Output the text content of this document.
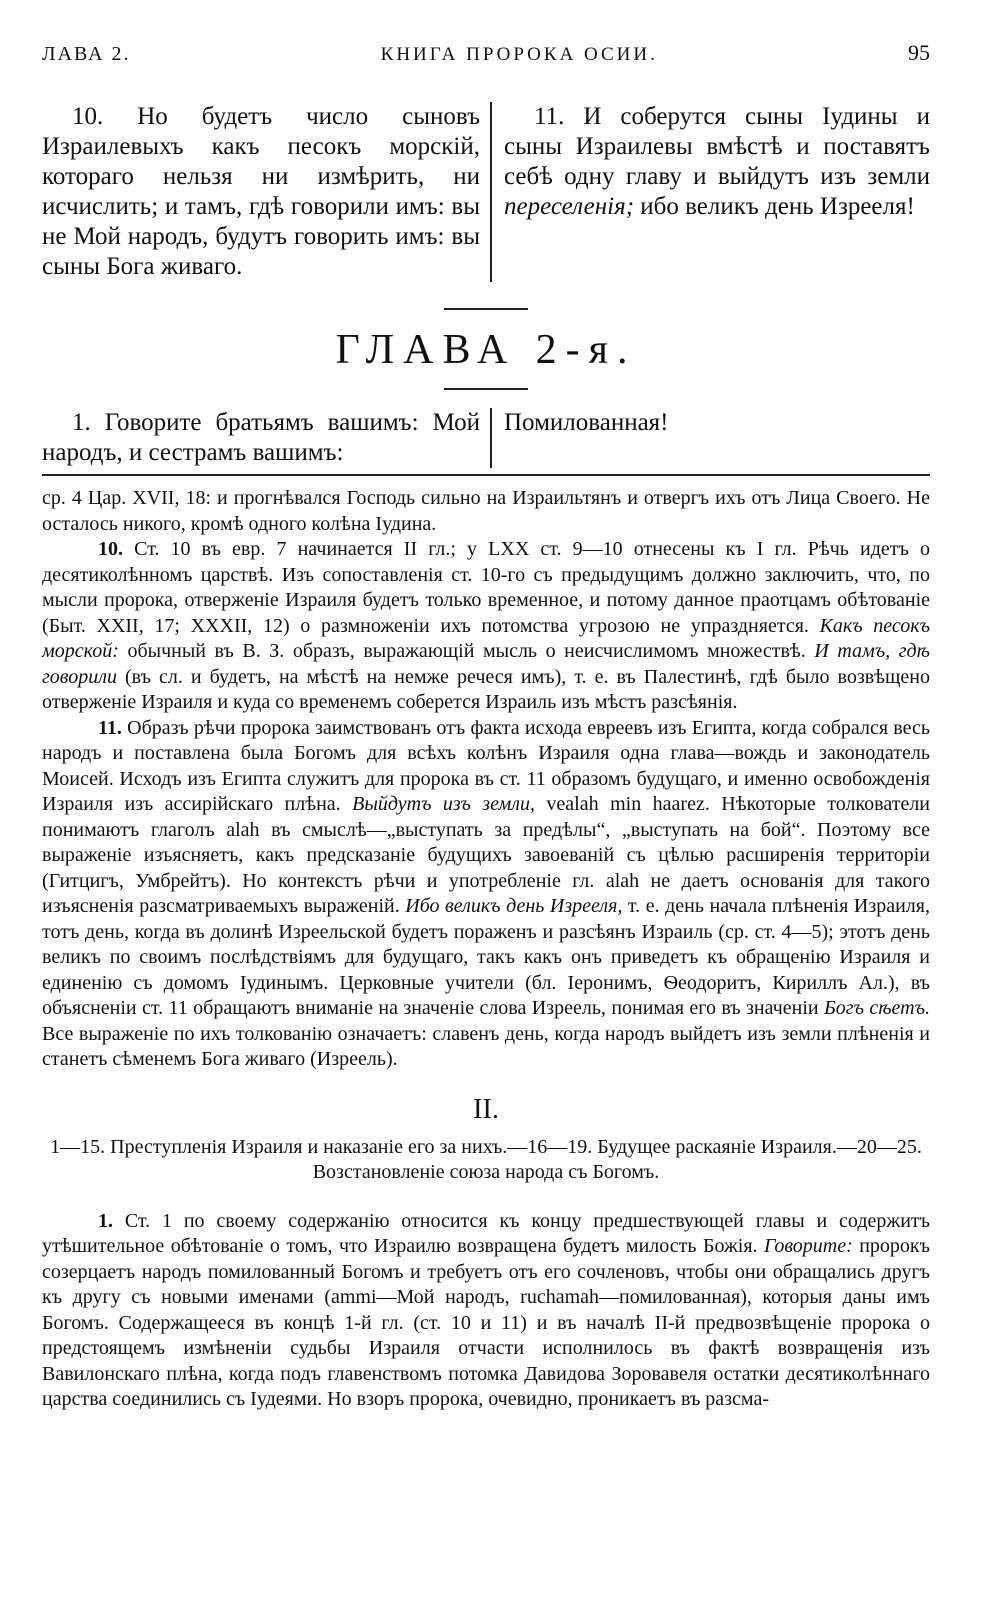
ЛАВА 2.	КНИГА ПРОРОКА ОСИИ.	95

10. Но будетъ число сыновъ Израилевыхъ какъ песокъ морскій, котораго нельзя ни измѣрить, ни исчислить; и тамъ, гдѣ говорили имъ: вы не Мой народъ, будутъ говорить имъ: вы сыны Бога живаго.

11. И соберутся сыны Іудины и сыны Израилевы вмѣстѣ и поставятъ себѣ одну главу и выйдутъ изъ земли переселенія; ибо великъ день Изрееля!

ГЛАВА 2-я.

1. Говорите братьямъ вашимъ: Мой народъ, и сестрамъ вашимъ:

Помилованная!

ср. 4 Цар. XVII, 18: и прогнѣвался Господь сильно на Израильтянъ и отвергъ ихъ отъ Лица Своего. Не осталось никого, кромѣ одного колѣна Іудина.

10. Ст. 10 въ евр. 7 начинается II гл.; у LXX ст. 9—10 отнесены къ I гл. Рѣчь идетъ о десятиколѣнномъ царствѣ. Изъ сопоставленія ст. 10-го съ предыдущимъ должно заключить, что, по мысли пророка, отверженіе Израиля будетъ только временное, и потому данное праотцамъ обѣтованіе (Быт. XXII, 17; XXXII, 12) о размноженіи ихъ потомства угрозою не упраздняется. Какъ песокъ морской: обычный въ В. З. образъ, выражающій мысль о неисчислимомъ множествѣ. И тамъ, гдѣ говорили (въ сл. и будетъ, на мѣстѣ на немже речеся имъ), т. е. въ Палестинѣ, гдѣ было возвѣщено отверженіе Израиля и куда со временемъ соберется Израиль изъ мѣстъ разсѣянія.

11. Образъ рѣчи пророка заимствованъ отъ факта исхода евреевъ изъ Египта, когда собрался весь народъ и поставлена была Богомъ для всѣхъ колѣнъ Израиля одна глава—вождь и законодатель Моисей. Исходъ изъ Египта служитъ для пророка въ ст. 11 образомъ будущаго, и именно освобожденія Израиля изъ ассирійскаго плѣна. Выйдутъ изъ земли, vealah min haarez. Нѣкоторые толкователи понимаютъ глаголъ alah въ смыслѣ—„выступать за предѣлы“, „выступать на бой“. Поэтому все выраженіе изъясняетъ, какъ предсказаніе будущихъ завоеваній съ цѣлью расширенія территоріи (Гитцигъ, Умбрейтъ). Но контекстъ рѣчи и употребленіе гл. alah не даетъ основанія для такого изъясненія разсматриваемыхъ выраженій. Ибо великъ день Изрееля, т. е. день начала плѣненія Израиля, тотъ день, когда въ долинѣ Изреельской будетъ пораженъ и разсѣянъ Израиль (ср. ст. 4—5); этотъ день великъ по своимъ послѣдствіямъ для будущаго, такъ какъ онъ приведетъ къ обращенію Израиля и единенію съ домомъ Іудинымъ. Церковные учители (бл. Іеронимъ, Ѳеодоритъ, Кириллъ Ал.), въ объясненіи ст. 11 обращаютъ вниманіе на значеніе слова Изреель, понимая его въ значеніи Богъ сѣетъ. Все выраженіе по ихъ толкованію означаетъ: славенъ день, когда народъ выйдетъ изъ земли плѣненія и станетъ сѣменемъ Бога живаго (Изреель).

II.
1—15. Преступленія Израиля и наказаніе его за нихъ.—16—19. Будущее раскаяніе Израиля.—20—25. Возстановленіе союза народа съ Богомъ.

1. Ст. 1 по своему содержанію относится къ концу предшествующей главы и содержитъ утѣшительное обѣтованіе о томъ, что Израилю возвращена будетъ милость Божія. Говорите: пророкъ созерцаетъ народъ помилованный Богомъ и требуетъ отъ его сочленовъ, чтобы они обращались другъ къ другу съ новыми именами (ammi—Мой народъ, ruchamah—помилованная), которыя даны имъ Богомъ. Содержащееся въ концѣ 1-й гл. (ст. 10 и 11) и въ началѣ II-й предвозвѣщеніе пророка о предстоящемъ измѣненіи судьбы Израиля отчасти исполнилось въ фактѣ возвращенія изъ Вавилонскаго плѣна, когда подъ главенствомъ потомка Давидова Зоровавеля остатки десятиколѣннаго царства соединились съ Іудеями. Но взоръ пророка, очевидно, проникаетъ въ разсма-
